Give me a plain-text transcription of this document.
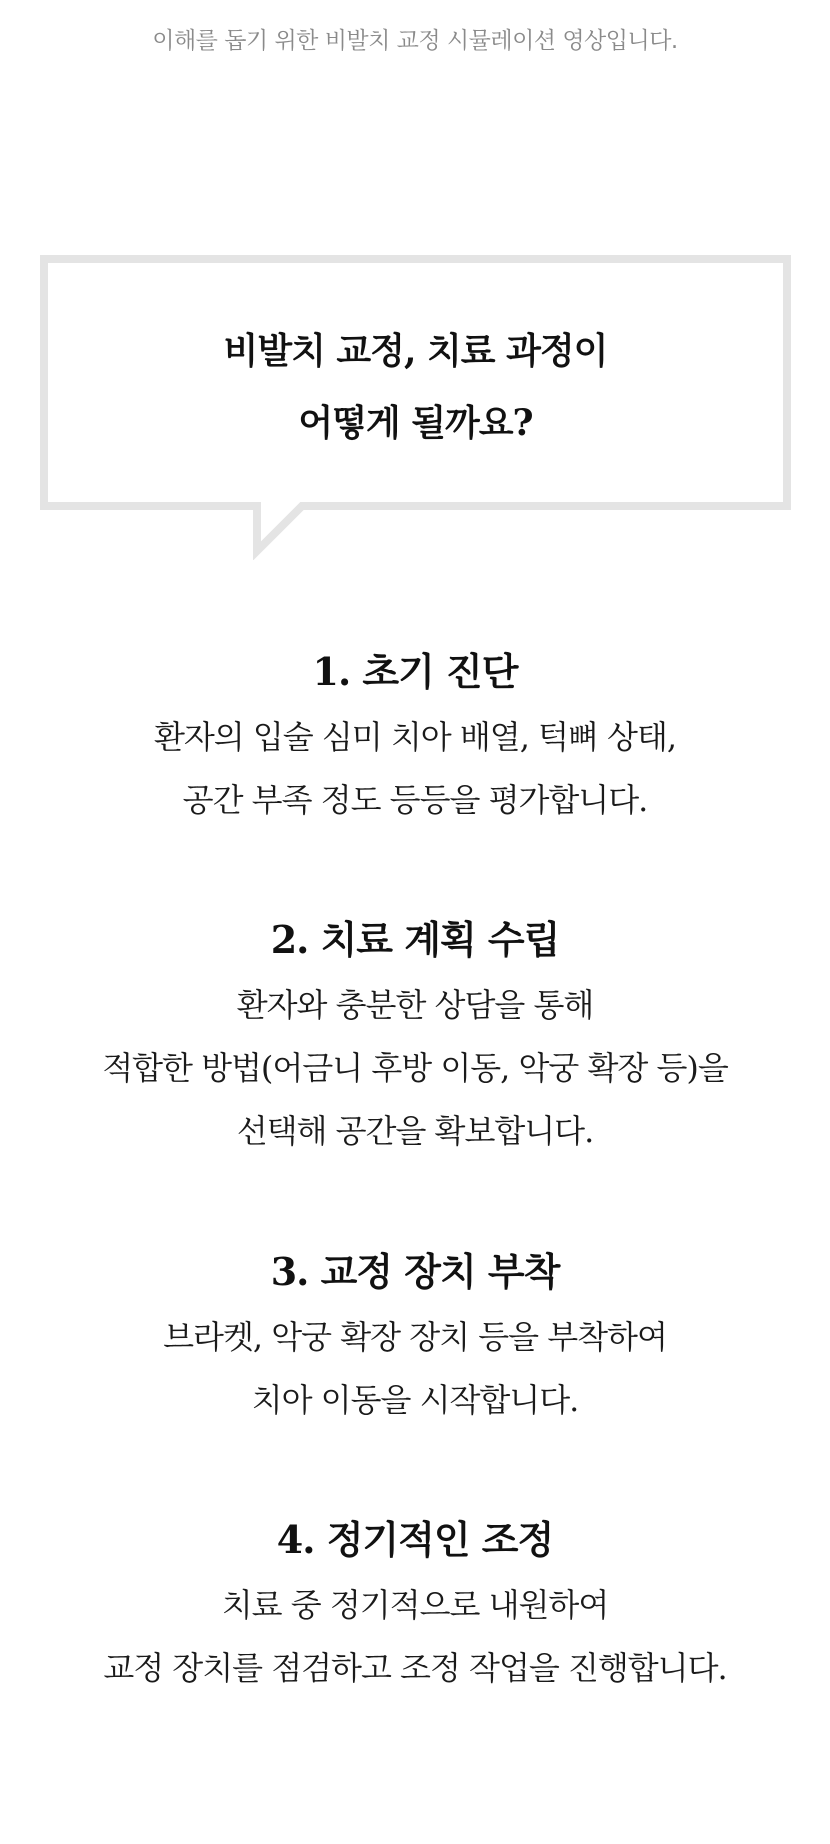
이해를 돕기 위한 비발치 교정 시뮬레이션 영상입니다.
비발치 교정, 치료 과정이
어떻게 될까요?
1. 초기 진단
환자의 입술 심미 치아 배열, 턱뼈 상태,
공간 부족 정도 등등을 평가합니다.
2. 치료 계획 수립
환자와 충분한 상담을 통해
적합한 방법(어금니 후방 이동, 악궁 확장 등)을
선택해 공간을 확보합니다.
3. 교정 장치 부착
브라켓, 악궁 확장 장치 등을 부착하여
치아 이동을 시작합니다.
4. 정기적인 조정
치료 중 정기적으로 내원하여
교정 장치를 점검하고 조정 작업을 진행합니다.
